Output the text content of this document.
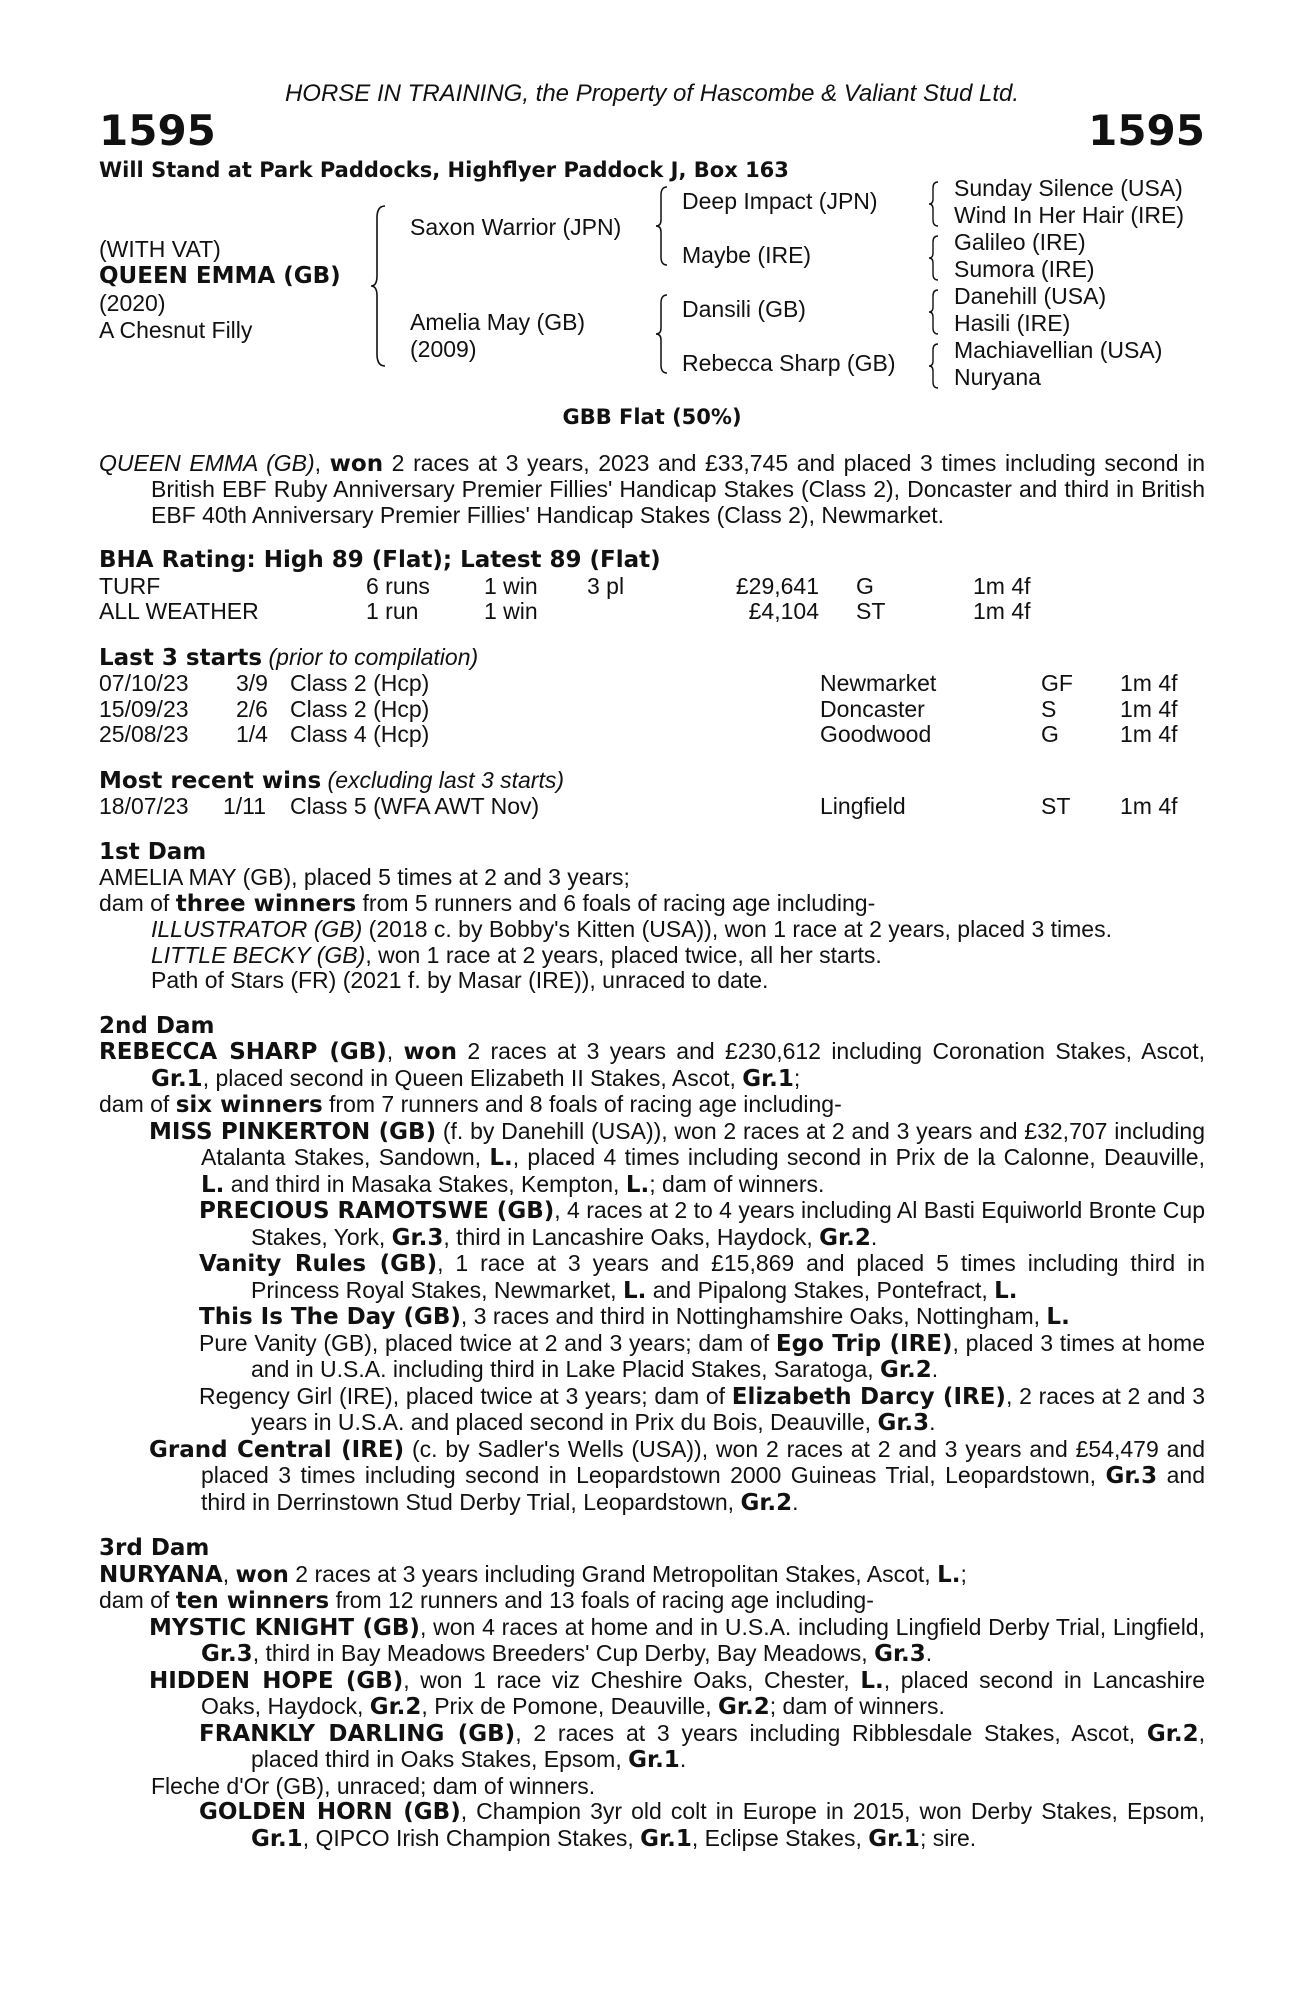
HORSE IN TRAINING, the Property of Hascombe & Valiant Stud Ltd.
1595	1595
Will Stand at Park Paddocks, Highflyer Paddock J, Box 163
(WITH VAT)
QUEEN EMMA (GB)
(2020)
A Chesnut Filly
Saxon Warrior (JPN)
Amelia May (GB)
(2009)
Deep Impact (JPN)
Maybe (IRE)
Dansili (GB)
Rebecca Sharp (GB)
Sunday Silence (USA)
Wind In Her Hair (IRE)
Galileo (IRE)
Sumora (IRE)
Danehill (USA)
Hasili (IRE)
Machiavellian (USA)
Nuryana
GBB Flat (50%)
QUEEN EMMA (GB), won 2 races at 3 years, 2023 and £33,745 and placed 3 times including second in British EBF Ruby Anniversary Premier Fillies' Handicap Stakes (Class 2), Doncaster and third in British EBF 40th Anniversary Premier Fillies' Handicap Stakes (Class 2), Newmarket.
BHA Rating: High 89 (Flat); Latest 89 (Flat)
TURF	6 runs 1 win 3 pl	£29,641 G	1m 4f
ALL WEATHER	1 run	1 win	£4,104 ST	1m 4f
Last 3 starts (prior to compilation)
07/10/23 3/9 Class 2 (Hcp)	Newmarket	GF 1m 4f
15/09/23 2/6 Class 2 (Hcp)	Doncaster	S	1m 4f
25/08/23 1/4 Class 4 (Hcp)	Goodwood	G	1m 4f
Most recent wins (excluding last 3 starts)
18/07/23 1/11 Class 5 (WFA AWT Nov)	Lingfield	ST 1m 4f
1st Dam
AMELIA MAY (GB), placed 5 times at 2 and 3 years;
dam of three winners from 5 runners and 6 foals of racing age including-
ILLUSTRATOR (GB) (2018 c. by Bobby's Kitten (USA)), won 1 race at 2 years, placed 3 times.
LITTLE BECKY (GB), won 1 race at 2 years, placed twice, all her starts.
Path of Stars (FR) (2021 f. by Masar (IRE)), unraced to date.
2nd Dam
REBECCA SHARP (GB), won 2 races at 3 years and £230,612 including Coronation Stakes, Ascot, Gr.1, placed second in Queen Elizabeth II Stakes, Ascot, Gr.1;
dam of six winners from 7 runners and 8 foals of racing age including-
MISS PINKERTON (GB) (f. by Danehill (USA)), won 2 races at 2 and 3 years and £32,707 including Atalanta Stakes, Sandown, L., placed 4 times including second in Prix de la Calonne, Deauville, L. and third in Masaka Stakes, Kempton, L.; dam of winners.
PRECIOUS RAMOTSWE (GB), 4 races at 2 to 4 years including Al Basti Equiworld Bronte Cup Stakes, York, Gr.3, third in Lancashire Oaks, Haydock, Gr.2.
Vanity Rules (GB), 1 race at 3 years and £15,869 and placed 5 times including third in Princess Royal Stakes, Newmarket, L. and Pipalong Stakes, Pontefract, L.
This Is The Day (GB), 3 races and third in Nottinghamshire Oaks, Nottingham, L.
Pure Vanity (GB), placed twice at 2 and 3 years; dam of Ego Trip (IRE), placed 3 times at home and in U.S.A. including third in Lake Placid Stakes, Saratoga, Gr.2.
Regency Girl (IRE), placed twice at 3 years; dam of Elizabeth Darcy (IRE), 2 races at 2 and 3 years in U.S.A. and placed second in Prix du Bois, Deauville, Gr.3.
Grand Central (IRE) (c. by Sadler's Wells (USA)), won 2 races at 2 and 3 years and £54,479 and placed 3 times including second in Leopardstown 2000 Guineas Trial, Leopardstown, Gr.3 and third in Derrinstown Stud Derby Trial, Leopardstown, Gr.2.
3rd Dam
NURYANA, won 2 races at 3 years including Grand Metropolitan Stakes, Ascot, L.;
dam of ten winners from 12 runners and 13 foals of racing age including-
MYSTIC KNIGHT (GB), won 4 races at home and in U.S.A. including Lingfield Derby Trial, Lingfield, Gr.3, third in Bay Meadows Breeders' Cup Derby, Bay Meadows, Gr.3.
HIDDEN HOPE (GB), won 1 race viz Cheshire Oaks, Chester, L., placed second in Lancashire Oaks, Haydock, Gr.2, Prix de Pomone, Deauville, Gr.2; dam of winners.
FRANKLY DARLING (GB), 2 races at 3 years including Ribblesdale Stakes, Ascot, Gr.2, placed third in Oaks Stakes, Epsom, Gr.1.
Fleche d'Or (GB), unraced; dam of winners.
GOLDEN HORN (GB), Champion 3yr old colt in Europe in 2015, won Derby Stakes, Epsom, Gr.1, QIPCO Irish Champion Stakes, Gr.1, Eclipse Stakes, Gr.1; sire.
